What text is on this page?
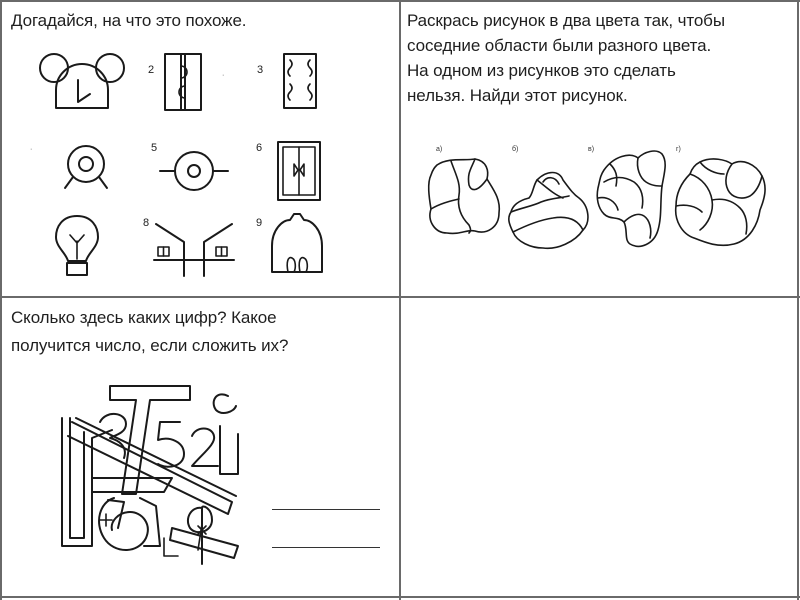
Догадайся, на что это похоже.
2	·	3
·	5	6
8	9
Раскрась рисунок в два цвета так, чтобы
соседние области были разного цвета.
На одном из рисунков это сделать
нельзя. Найди этот рисунок.
а)	б)	в)	г)
Сколько здесь каких цифр? Какое
получится число, если сложить их?
